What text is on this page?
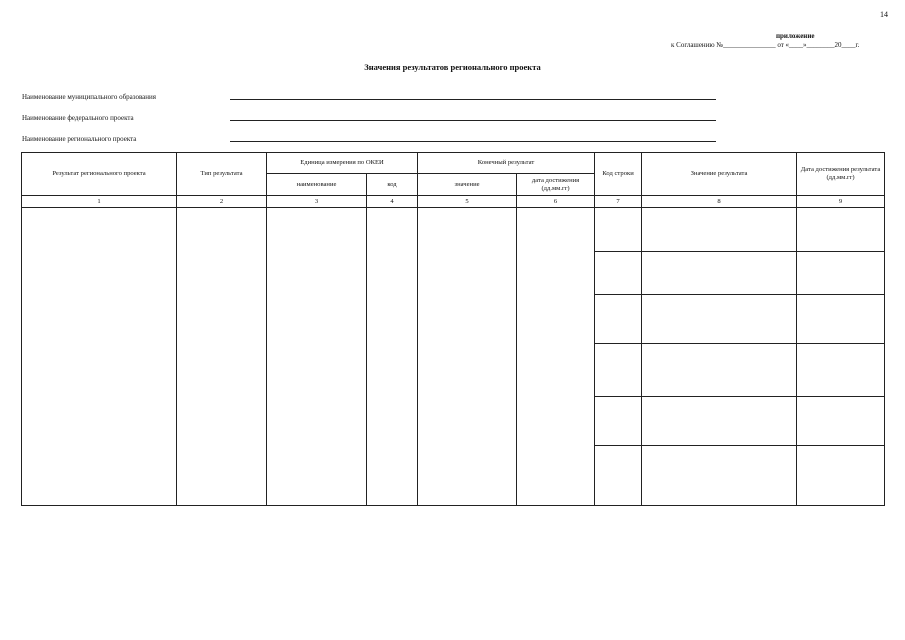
14
приложение
к Соглашению №_______________ от «____»________20____г.
Значения результатов регионального проекта
Наименование муниципального образования
Наименование федерального проекта
Наименование регионального проекта
Результат регионального проекта	Тип результата	Единица измерения по ОКЕИ		Конечный результат		Код строки	Значение результата	Дата достижения результата (дд.мм.гг)
		наименование	код	значение	дата достижения (дд.мм.гг)			
1	2	3	4	5	6	7	8	9
